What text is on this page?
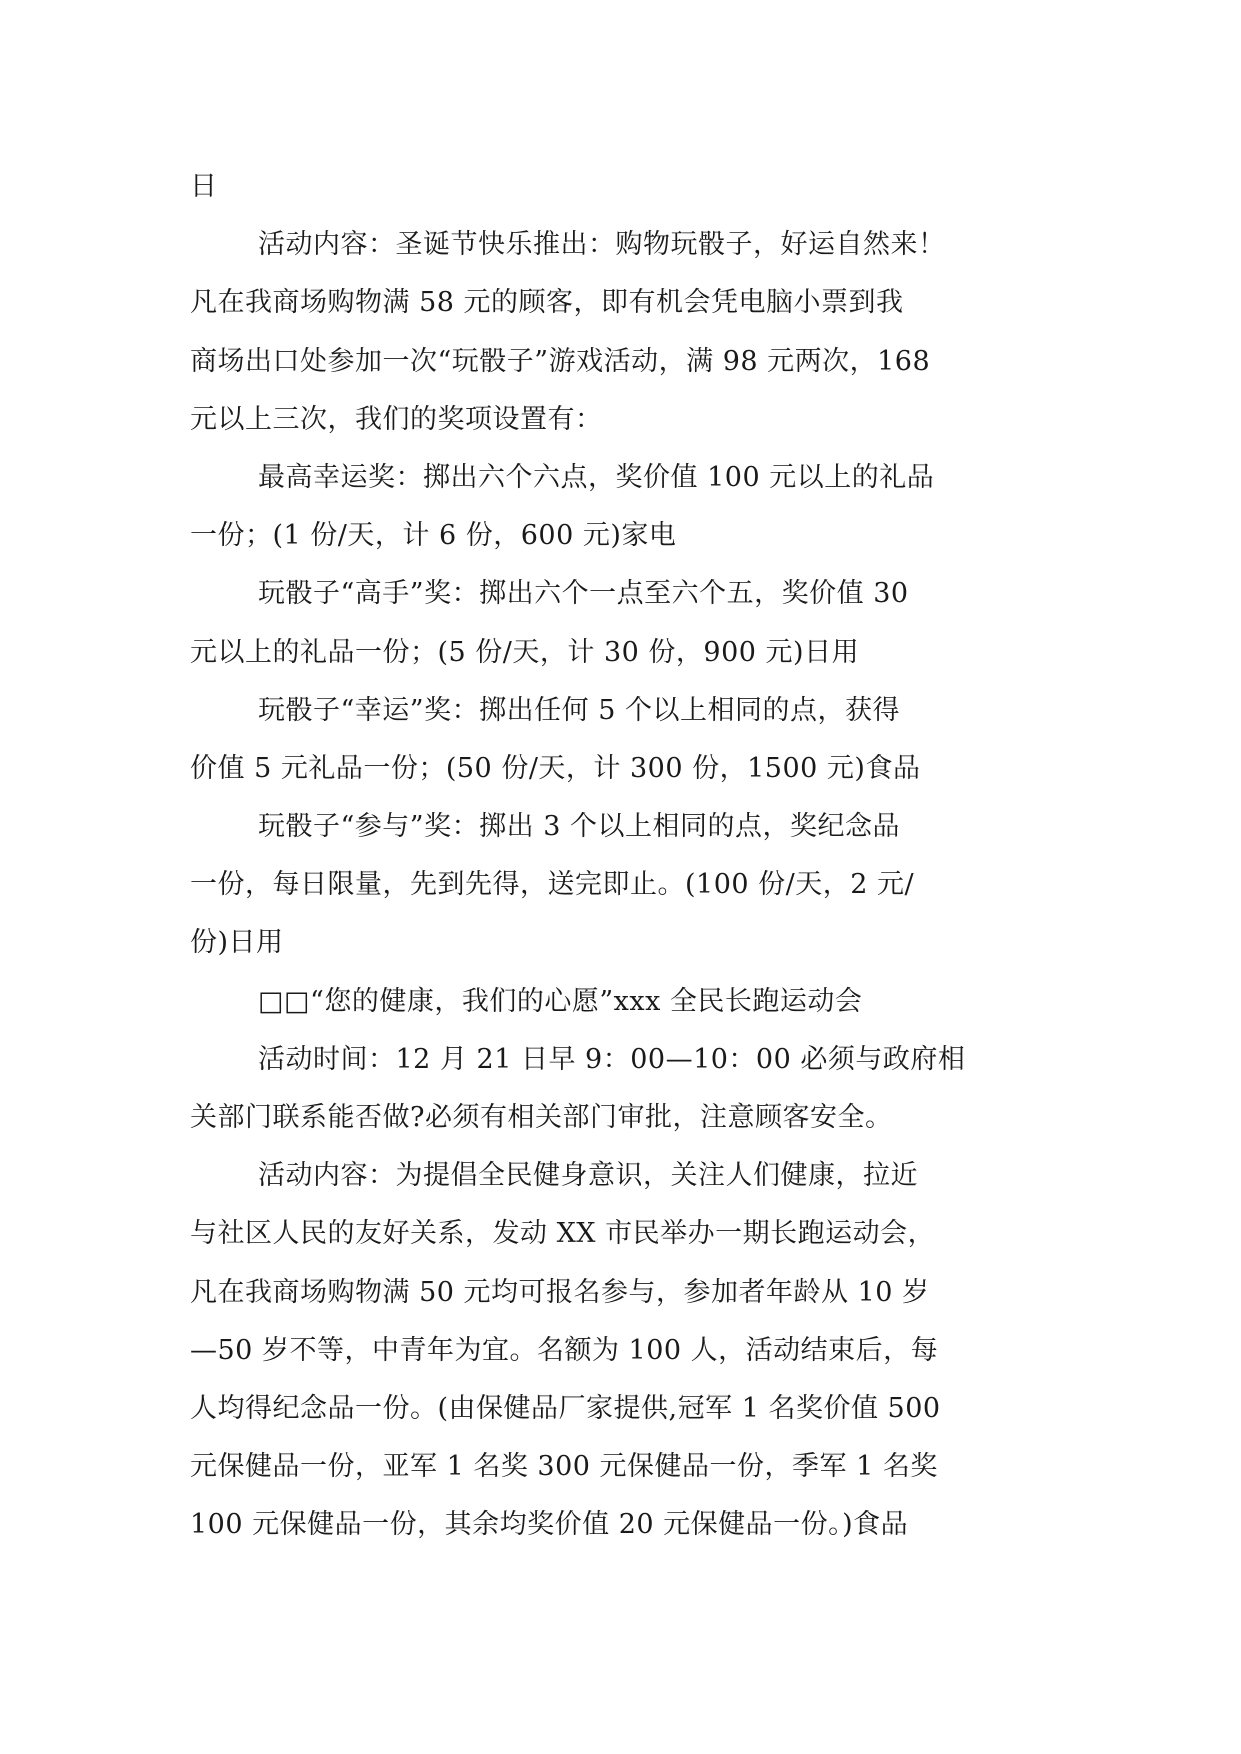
日
活动内容：圣诞节快乐推出：购物玩骰子，好运自然来！
凡在我商场购物满 58 元的顾客，即有机会凭电脑小票到我
商场出口处参加一次“玩骰子”游戏活动，满 98 元两次，168
元以上三次，我们的奖项设置有：
最高幸运奖：掷出六个六点，奖价值 100 元以上的礼品
一份；(1 份/天，计 6 份，600 元)家电
玩骰子“高手”奖：掷出六个一点至六个五，奖价值 30
元以上的礼品一份；(5 份/天，计 30 份，900 元)日用
玩骰子“幸运”奖：掷出任何 5 个以上相同的点，获得
价值 5 元礼品一份；(50 份/天，计 300 份，1500 元)食品
玩骰子“参与”奖：掷出 3 个以上相同的点，奖纪念品
一份，每日限量，先到先得，送完即止。(100 份/天，2 元/
份)日用
□□“您的健康，我们的心愿”xxx 全民长跑运动会
活动时间：12 月 21 日早 9：00—10：00 必须与政府相
关部门联系能否做?必须有相关部门审批，注意顾客安全。
活动内容：为提倡全民健身意识，关注人们健康，拉近
与社区人民的友好关系，发动 XX 市民举办一期长跑运动会，
凡在我商场购物满 50 元均可报名参与，参加者年龄从 10 岁
—50 岁不等，中青年为宜。名额为 100 人，活动结束后，每
人均得纪念品一份。(由保健品厂家提供,冠军 1 名奖价值 500
元保健品一份，亚军 1 名奖 300 元保健品一份，季军 1 名奖
100 元保健品一份，其余均奖价值 20 元保健品一份。)食品
